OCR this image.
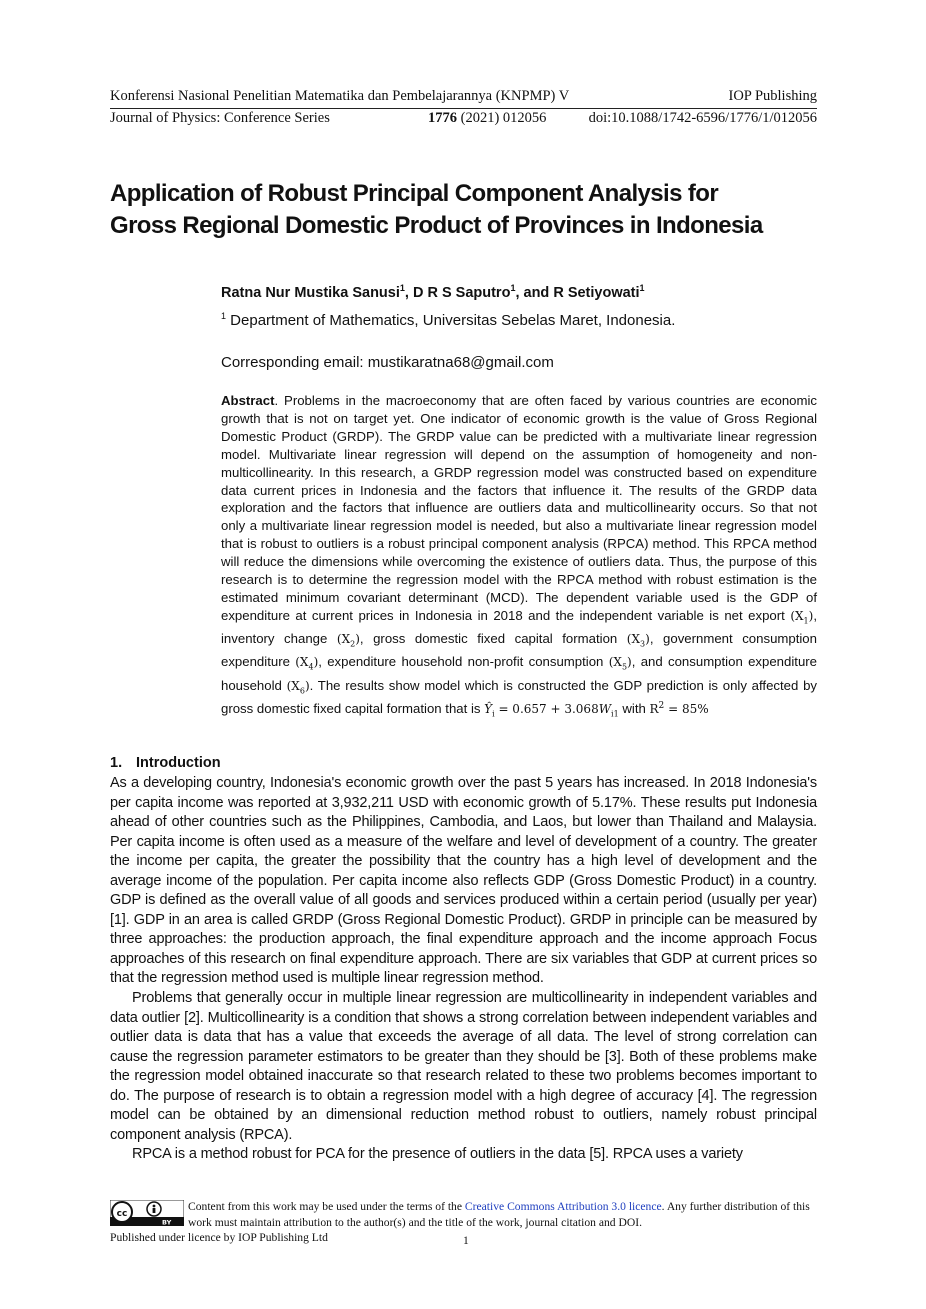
Konferensi Nasional Penelitian Matematika dan Pembelajarannya (KNPMP) V	IOP Publishing
Journal of Physics: Conference Series	1776 (2021) 012056	doi:10.1088/1742-6596/1776/1/012056
Application of Robust Principal Component Analysis for
Gross Regional Domestic Product of Provinces in Indonesia
Ratna Nur Mustika Sanusi$^1$, D R S Saputro$^1$, and R Setiyowati$^1$
$^1$ Department of Mathematics, Universitas Sebelas Maret, Indonesia.
Corresponding email: mustikaratna68@gmail.com
Abstract. Problems in the macroeconomy that are often faced by various countries are economic growth that is not on target yet. One indicator of economic growth is the value of Gross Regional Domestic Product (GRDP). The GRDP value can be predicted with a multivariate linear regression model. Multivariate linear regression will depend on the assumption of homogeneity and non-multicollinearity. In this research, a GRDP regression model was constructed based on expenditure data current prices in Indonesia and the factors that influence it. The results of the GRDP data exploration and the factors that influence are outliers data and multicollinearity occurs. So that not only a multivariate linear regression model is needed, but also a multivariate linear regression model that is robust to outliers is a robust principal component analysis (RPCA) method. This RPCA method will reduce the dimensions while overcoming the existence of outliers data. Thus, the purpose of this research is to determine the regression model with the RPCA method with robust estimation is the estimated minimum covariant determinant (MCD). The dependent variable used is the GDP of expenditure at current prices in Indonesia in 2018 and the independent variable is net export $(X_1)$, inventory change $(X_2)$, gross domestic fixed capital formation $(X_3)$, government consumption expenditure $(X_4)$, expenditure household non-profit consumption $(X_5)$, and consumption expenditure household $(X_6)$. The results show model which is constructed the GDP prediction is only affected by gross domestic fixed capital formation that is $Ŷ_i = 0.657 + 3.068W_{i1}$ with $R^2 = 85\%$
1. Introduction

As a developing country, Indonesia's economic growth over the past 5 years has increased. In 2018 Indonesia's per capita income was reported at 3,932,211 USD with economic growth of 5.17%. These results put Indonesia ahead of other countries such as the Philippines, Cambodia, and Laos, but lower than Thailand and Malaysia. Per capita income is often used as a measure of the welfare and level of development of a country. The greater the income per capita, the greater the possibility that the country has a high level of development and the average income of the population. Per capita income also reflects GDP (Gross Domestic Product) in a country. GDP is defined as the overall value of all goods and services produced within a certain period (usually per year) [1]. GDP in an area is called GRDP (Gross Regional Domestic Product). GRDP in principle can be measured by three approaches: the production approach, the final expenditure approach and the income approach Focus approaches of this research on final expenditure approach. There are six variables that GDP at current prices so that the regression method used is multiple linear regression method.

Problems that generally occur in multiple linear regression are multicollinearity in independent variables and data outlier [2]. Multicollinearity is a condition that shows a strong correlation between independent variables and outlier data is data that has a value that exceeds the average of all data. The level of strong correlation can cause the regression parameter estimators to be greater than they should be [3]. Both of these problems make the regression model obtained inaccurate so that research related to these two problems becomes important to do. The purpose of research is to obtain a regression model with a high degree of accuracy [4]. The regression model can be obtained by an dimensional reduction method robust to outliers, namely robust principal component analysis (RPCA).

RPCA is a method robust for PCA for the presence of outliers in the data [5]. RPCA uses a variety

cc
BY
Content from this work may be used under the terms of the Creative Commons Attribution 3.0 licence. Any further distribution of this work must maintain attribution to the author(s) and the title of the work, journal citation and DOI.
Published under licence by IOP Publishing Ltd	1
